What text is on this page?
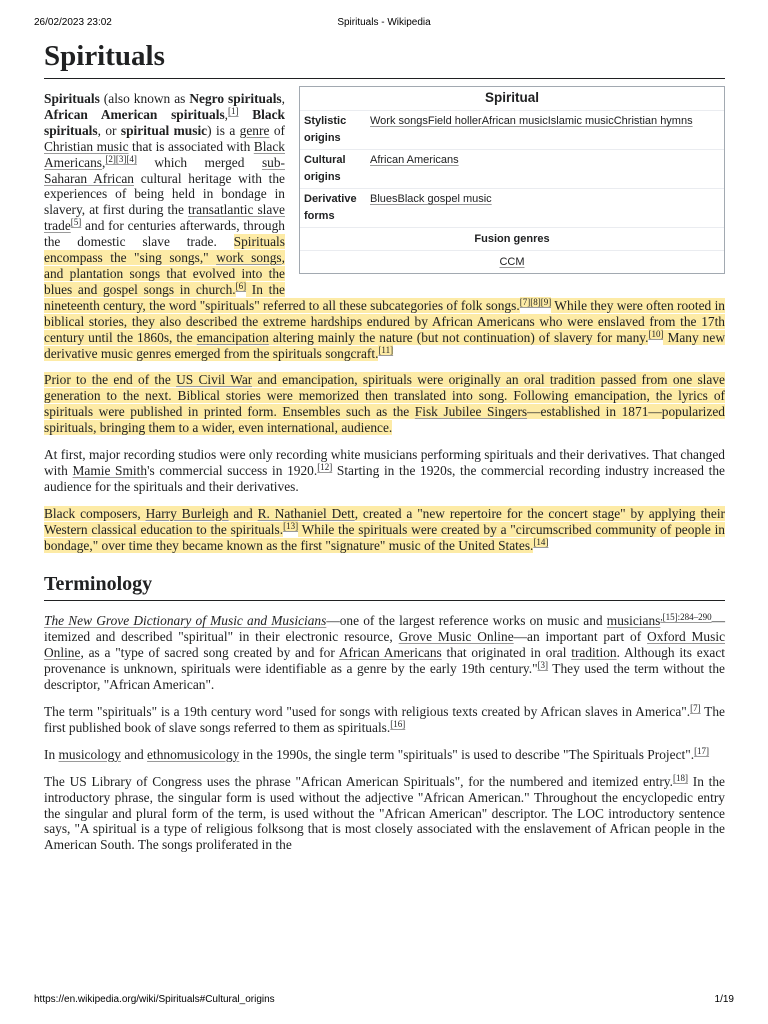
26/02/2023 23:02	Spirituals - Wikipedia
Spirituals
Spiritual
Stylistic origins
Work songsField hollerAfrican musicIslamic musicChristian hymns
Cultural origins
African Americans
Derivative forms
BluesBlack gospel music
Fusion genres
CCM

Spirituals (also known as Negro spirituals, African American spirituals,[1] Black spirituals, or spiritual music) is a genre of Christian music that is associated with Black Americans,[2][3][4] which merged sub-Saharan African cultural heritage with the experiences of being held in bondage in slavery, at first during the transatlantic slave trade[5] and for centuries afterwards, through the domestic slave trade. Spirituals encompass the "sing songs," work songs, and plantation songs that evolved into the blues and gospel songs in church.[6] In the nineteenth century, the word "spirituals" referred to all these subcategories of folk songs.[7][8][9] While they were often rooted in biblical stories, they also described the extreme hardships endured by African Americans who were enslaved from the 17th century until the 1860s, the emancipation altering mainly the nature (but not continuation) of slavery for many.[10] Many new derivative music genres emerged from the spirituals songcraft.[11]

Prior to the end of the US Civil War and emancipation, spirituals were originally an oral tradition passed from one slave generation to the next. Biblical stories were memorized then translated into song. Following emancipation, the lyrics of spirituals were published in printed form. Ensembles such as the Fisk Jubilee Singers—established in 1871—popularized spirituals, bringing them to a wider, even international, audience.

At first, major recording studios were only recording white musicians performing spirituals and their derivatives. That changed with Mamie Smith's commercial success in 1920.[12] Starting in the 1920s, the commercial recording industry increased the audience for the spirituals and their derivatives.

Black composers, Harry Burleigh and R. Nathaniel Dett, created a "new repertoire for the concert stage" by applying their Western classical education to the spirituals.[13] While the spirituals were created by a "circumscribed community of people in bondage," over time they became known as the first "signature" music of the United States.[14]

Terminology

The New Grove Dictionary of Music and Musicians—one of the largest reference works on music and musicians$^{,[15]:284-290}$—itemized and described "spiritual" in their electronic resource, Grove Music Online—an important part of Oxford Music Online, as a "type of sacred song created by and for African Americans that originated in oral tradition. Although its exact provenance is unknown, spirituals were identifiable as a genre by the early 19th century."[3] They used the term without the descriptor, "African American".

The term "spirituals" is a 19th century word "used for songs with religious texts created by African slaves in America".[7] The first published book of slave songs referred to them as spirituals.[16]

In musicology and ethnomusicology in the 1990s, the single term "spirituals" is used to describe "The Spirituals Project".[17]

The US Library of Congress uses the phrase "African American Spirituals", for the numbered and itemized entry.[18] In the introductory phrase, the singular form is used without the adjective "African American." Throughout the encyclopedic entry the singular and plural form of the term, is used without the "African American" descriptor. The LOC introductory sentence says, "A spiritual is a type of religious folksong that is most closely associated with the enslavement of African people in the American South. The songs proliferated in the

https://en.wikipedia.org/wiki/Spirituals#Cultural_origins	1/19
